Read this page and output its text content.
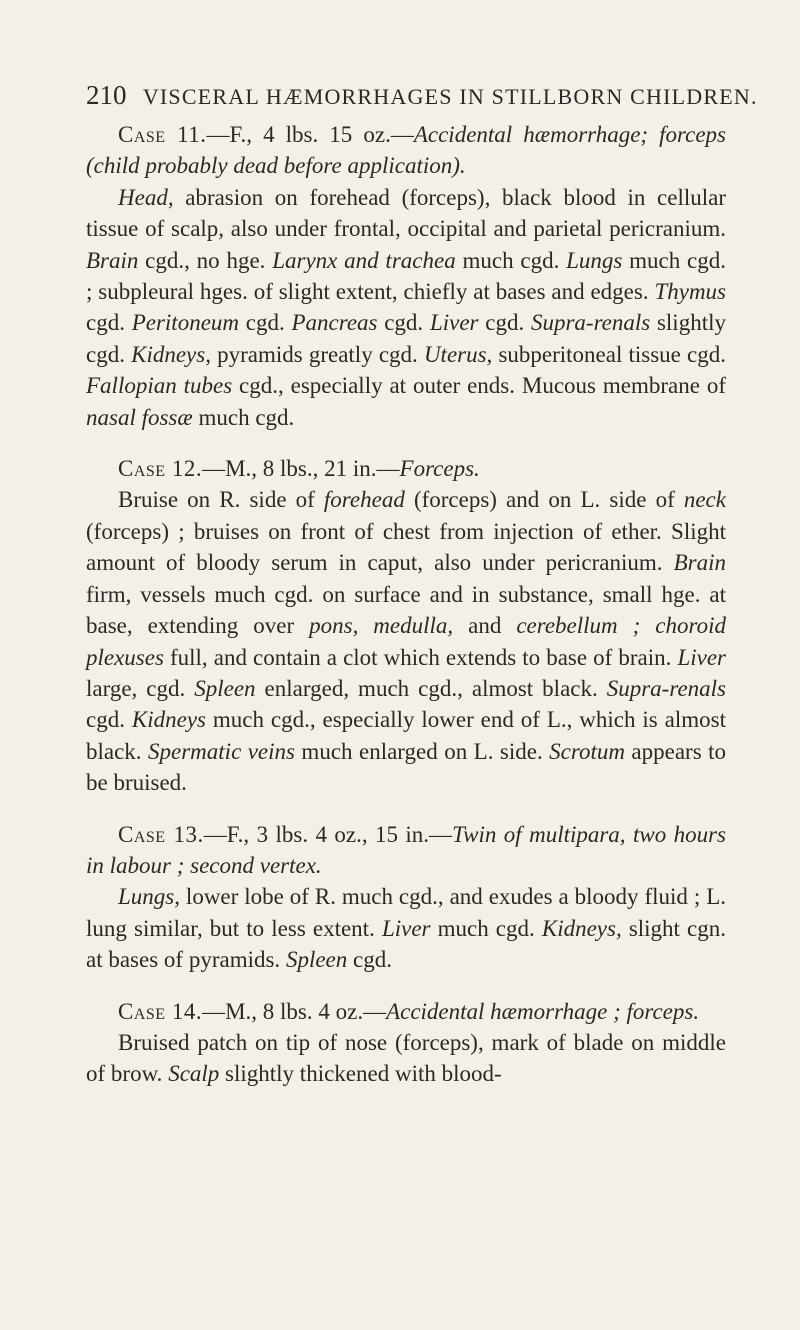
210 VISCERAL HÆMORRHAGES IN STILLBORN CHILDREN.

Case 11.—F., 4 lbs. 15 oz.—Accidental hæmorrhage; forceps (child probably dead before application).

Head, abrasion on forehead (forceps), black blood in cellular tissue of scalp, also under frontal, occipital and parietal pericranium. Brain cgd., no hge. Larynx and trachea much cgd. Lungs much cgd. ; subpleural hges. of slight extent, chiefly at bases and edges. Thymus cgd. Peritoneum cgd. Pancreas cgd. Liver cgd. Supra-renals slightly cgd. Kidneys, pyramids greatly cgd. Uterus, subperitoneal tissue cgd. Fallopian tubes cgd., especially at outer ends. Mucous membrane of nasal fossæ much cgd.

Case 12.—M., 8 lbs., 21 in.—Forceps.

Bruise on R. side of forehead (forceps) and on L. side of neck (forceps) ; bruises on front of chest from injection of ether. Slight amount of bloody serum in caput, also under pericranium. Brain firm, vessels much cgd. on surface and in substance, small hge. at base, extending over pons, medulla, and cerebellum ; choroid plexuses full, and contain a clot which extends to base of brain. Liver large, cgd. Spleen enlarged, much cgd., almost black. Supra-renals cgd. Kidneys much cgd., especially lower end of L., which is almost black. Spermatic veins much enlarged on L. side. Scrotum appears to be bruised.

Case 13.—F., 3 lbs. 4 oz., 15 in.—Twin of multipara, two hours in labour ; second vertex.

Lungs, lower lobe of R. much cgd., and exudes a bloody fluid ; L. lung similar, but to less extent. Liver much cgd. Kidneys, slight cgn. at bases of pyramids. Spleen cgd.

Case 14.—M., 8 lbs. 4 oz.—Accidental hæmorrhage ; forceps.

Bruised patch on tip of nose (forceps), mark of blade on middle of brow. Scalp slightly thickened with blood-
